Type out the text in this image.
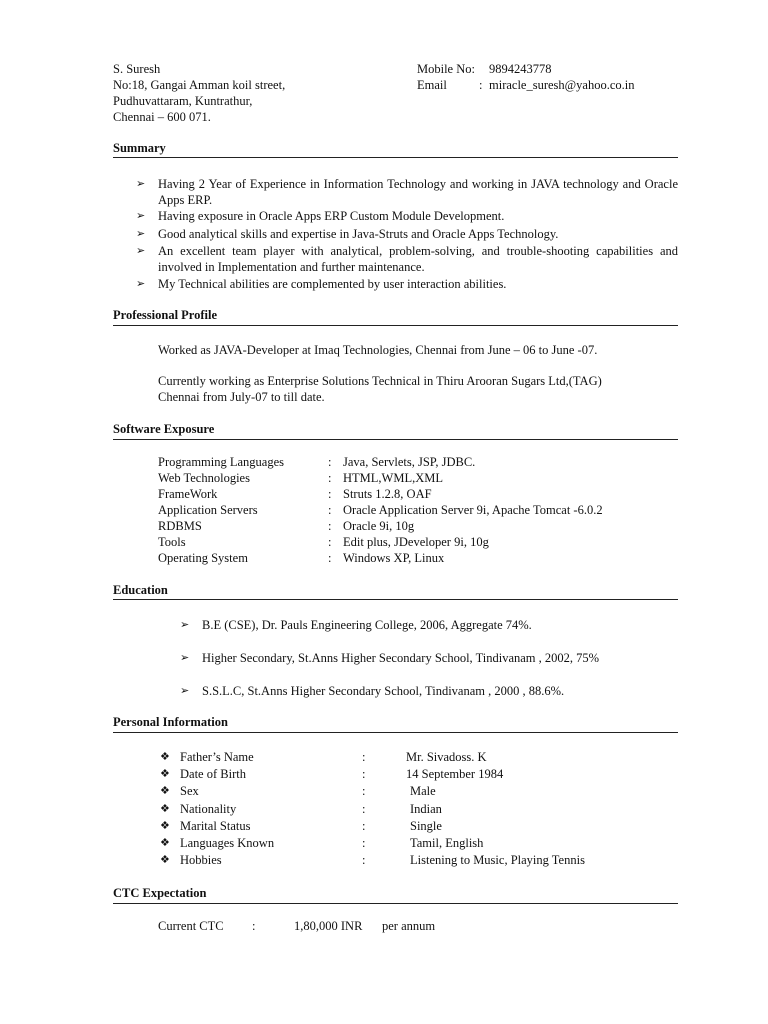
S. Suresh
No:18, Gangai Amman koil street,
Pudhuvattaram, Kuntrathur,
Chennai – 600 071.
Mobile No: 9894243778
Email	: miracle_suresh@yahoo.co.in
Summary
➢ Having 2 Year of Experience in Information Technology and working in JAVA technology and Oracle Apps ERP.
➢ Having exposure in Oracle Apps ERP Custom Module Development.
➢ Good analytical skills and expertise in Java-Struts and Oracle Apps Technology.
➢ An excellent team player with analytical, problem-solving, and trouble-shooting capabilities and involved in Implementation and further maintenance.
➢ My Technical abilities are complemented by user interaction abilities.
Professional Profile
Worked as JAVA-Developer at Imaq Technologies, Chennai from June – 06 to June -07.
Currently working as Enterprise Solutions Technical in Thiru Arooran Sugars Ltd,(TAG)
Chennai from July-07 to till date.
Software Exposure
Programming Languages	: Java, Servlets, JSP, JDBC.
Web Technologies	: HTML,WML,XML
FrameWork	: Struts 1.2.8, OAF
Application Servers	: Oracle Application Server 9i, Apache Tomcat -6.0.2
RDBMS	: Oracle 9i, 10g
Tools	: Edit plus, JDeveloper 9i, 10g
Operating System	: Windows XP, Linux
Education
➢ B.E (CSE), Dr. Pauls Engineering College, 2006, Aggregate 74%.
➢ Higher Secondary, St.Anns Higher Secondary School, Tindivanam , 2002, 75%
➢ S.S.L.C, St.Anns Higher Secondary School, Tindivanam , 2000 , 88.6%.
Personal Information
❖ Father’s Name	:	Mr. Sivadoss. K
❖ Date of Birth	:	14 September 1984
❖ Sex	:	Male
❖ Nationality	:	Indian
❖ Marital Status	:	Single
❖ Languages Known	:	Tamil, English
❖ Hobbies	:	Listening to Music, Playing Tennis
CTC Expectation
Current CTC :	1,80,000 INR per annum
